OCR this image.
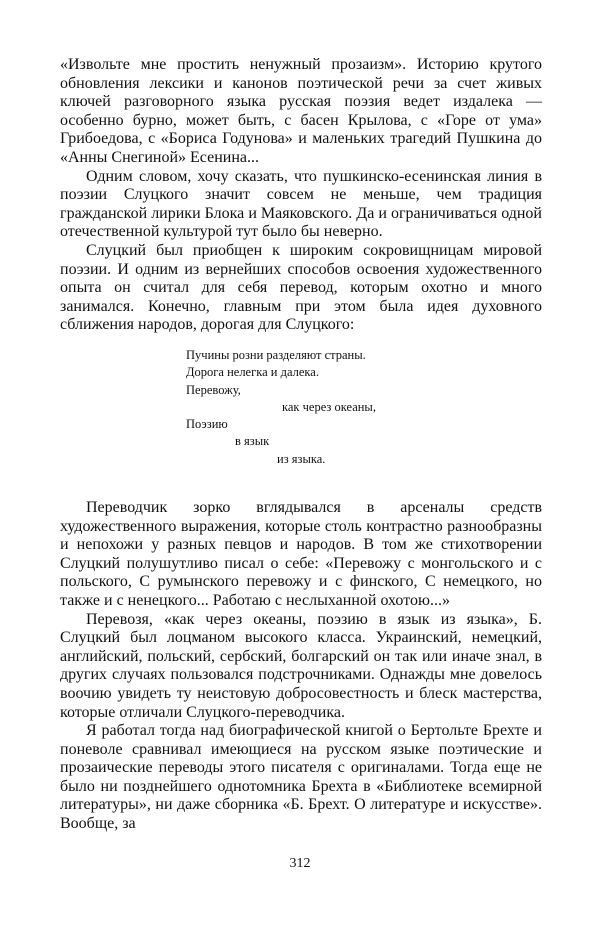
«Извольте мне простить ненужный прозаизм». Историю крутого обновления лексики и канонов поэтической речи за счет живых ключей разговорного языка русская поэзия ведет издалека — особенно бурно, может быть, с басен Крылова, с «Горе от ума» Грибоедова, с «Бориса Годунова» и маленьких трагедий Пушкина до «Анны Снегиной» Есенина...

Одним словом, хочу сказать, что пушкинско-есенинская линия в поэзии Слуцкого значит совсем не меньше, чем традиция гражданской лирики Блока и Маяковского. Да и ограничиваться одной отечественной культурой тут было бы неверно.

Слуцкий был приобщен к широким сокровищницам мировой поэзии. И одним из вернейших способов освоения художественного опыта он считал для себя перевод, которым охотно и много занимался. Конечно, главным при этом была идея духовного сближения народов, дорогая для Слуцкого:

Пучины розни разделяют страны.
Дорога нелегка и далека.
Перевожу,
как через океаны,
Поэзию
в язык
из языка.

Переводчик зорко вглядывался в арсеналы средств художественного выражения, которые столь контрастно разнообразны и непохожи у разных певцов и народов. В том же стихотворении Слуцкий полушутливо писал о себе: «Перевожу с монгольского и с польского, С румынского перевожу и с финского, С немецкого, но также и с ненецкого... Работаю с неслыханной охотою...»

Перевозя, «как через океаны, поэзию в язык из языка», Б. Слуцкий был лоцманом высокого класса. Украинский, немецкий, английский, польский, сербский, болгарский он так или иначе знал, в других случаях пользовался подстрочниками. Однажды мне довелось воочию увидеть ту неистовую добросовестность и блеск мастерства, которые отличали Слуцкого-переводчика.

Я работал тогда над биографической книгой о Бертольте Брехте и поневоле сравнивал имеющиеся на русском языке поэтические и прозаические переводы этого писателя с оригиналами. Тогда еще не было ни позднейшего однотомника Брехта в «Библиотеке всемирной литературы», ни даже сборника «Б. Брехт. О литературе и искусстве». Вообще, за

312
